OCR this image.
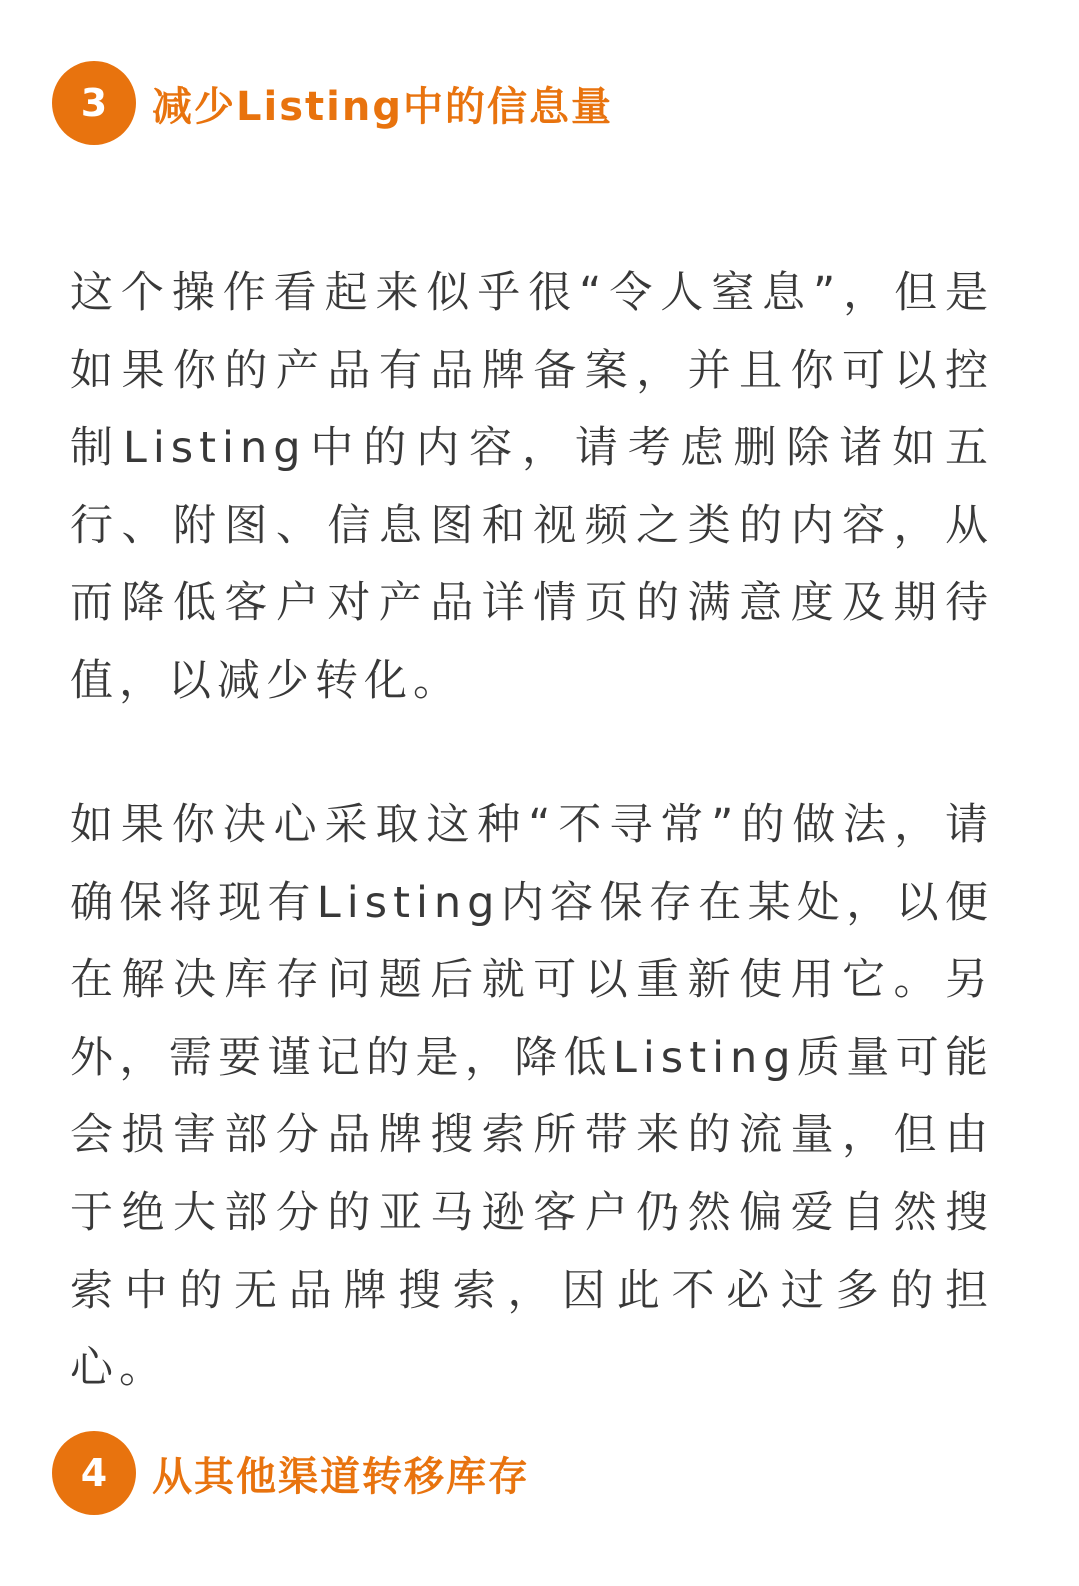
3	减少Listing中的信息量

这个操作看起来似乎很“令人窒息”，但是如果你的产品有品牌备案，并且你可以控制Listing中的内容，请考虑删除诸如五行、附图、信息图和视频之类的内容，从而降低客户对产品详情页的满意度及期待值，以减少转化。

如果你决心采取这种“不寻常”的做法，请确保将现有Listing内容保存在某处，以便在解决库存问题后就可以重新使用它。另外，需要谨记的是，降低Listing质量可能会损害部分品牌搜索所带来的流量，但由于绝大部分的亚马逊客户仍然偏爱自然搜索中的无品牌搜索，因此不必过多的担心。

4	从其他渠道转移库存
